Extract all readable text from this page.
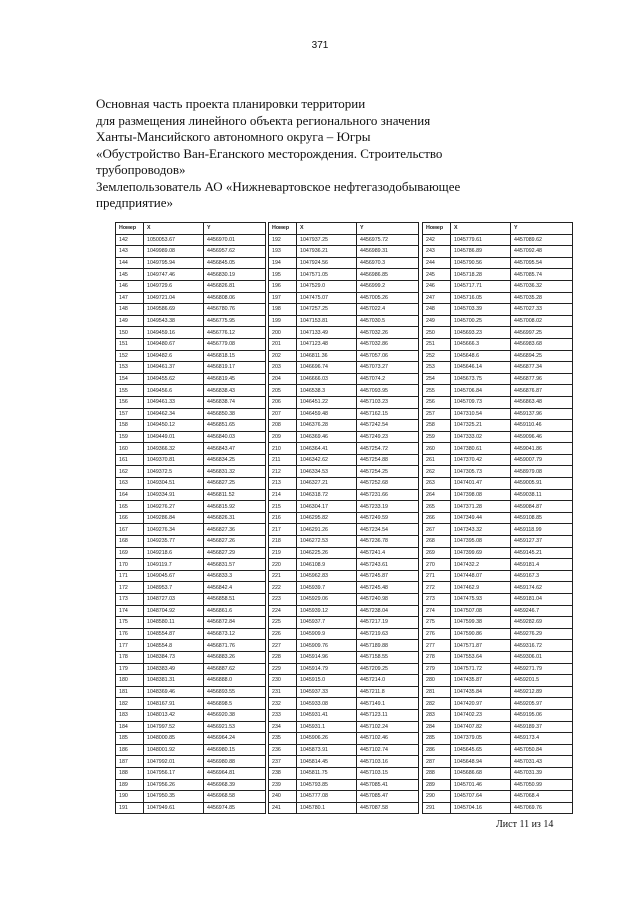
371
Основная часть проекта планировки территории
для размещения линейного объекта регионального значения
Ханты-Мансийского автономного округа – Югры
«Обустройство Ван-Еганского месторождения. Строительство
трубопроводов»
Землепользователь АО «Нижневартовское нефтегазодобывающее
предприятие»
Номер	X	Y
142	1050053.67	4456970.01
143	1049989.08	4456957.62
144	1049795.94	4456845.05
145	1049747.46	4456830.19
146	1049729.6	4456826.81
147	1049721.04	4456808.06
148	1049586.69	4456780.76
149	1049543.38	4456775.95
150	1049459.16	4456776.12
151	1049480.67	4456779.08
152	1049482.6	4456818.15
153	1049461.37	4456819.17
154	1049455.62	4456819.45
155	1049456.6	4456838.43
156	1049461.33	4456838.74
157	1049462.34	4456850.38
158	1049450.12	4456851.65
159	1049449.01	4456840.03
160	1049366.32	4456843.47
161	1049370.81	4456834.25
162	1049372.5	4456831.32
163	1049304.51	4456827.25
164	1049334.91	4456811.52
165	1049276.27	4456815.92
166	1049286.84	4456826.31
167	1049276.34	4456827.36
168	1049235.77	4456827.26
169	1049218.6	4456827.29
170	1049119.7	4456831.57
171	1049045.67	4456833.3
172	1048953.7	4456842.4
173	1048727.03	4456858.51
174	1048704.92	4456861.6
175	1048580.11	4456872.84
176	1048554.87	4456873.12
177	1048554.8	4456871.76
178	1048384.73	4456883.26
179	1048383.49	4456887.62
180	1048381.31	4456888.0
181	1048369.46	4456893.55
182	1048167.91	4456898.5
183	1048013.42	4456920.38
184	1047997.52	4456921.53
185	1048000.85	4456964.24
186	1048001.92	4456980.15
187	1047992.01	4456980.88
188	1047956.17	4456964.81
189	1047956.26	4456968.39
190	1047950.35	4456968.58
191	1047949.61	4456974.85
Номер	X	Y
192	1047937.25	4456975.72
193	1047936.21	4456989.31
194	1047924.56	4456970.3
195	1047571.05	4456986.85
196	1047529.0	4456999.2
197	1047475.07	4457005.26
198	1047257.25	4457022.4
199	1047153.81	4457030.5
200	1047133.49	4457032.26
201	1047123.48	4457032.86
202	1046811.36	4457057.06
203	1046696.74	4457073.27
204	1046666.03	4457074.2
205	1046538.3	4457093.95
206	1046451.22	4457103.23
207	1046459.48	4457162.15
208	1046376.28	4457242.54
209	1046369.46	4457249.23
210	1046364.41	4457254.72
211	1046342.62	4457254.88
212	1046334.53	4457254.25
213	1046327.21	4457252.68
214	1046318.72	4457231.66
215	1046304.17	4457233.19
216	1046295.82	4457249.59
217	1046291.26	4457234.54
218	1046272.53	4457236.78
219	1046225.26	4457241.4
220	1046108.9	4457243.61
221	1045962.83	4457245.87
222	1045939.7	4457245.48
223	1045929.06	4457240.98
224	1045939.12	4457238.04
225	1045937.7	4457217.19
226	1045909.9	4457219.63
227	1045909.76	4457189.88
228	1045914.96	4457158.55
229	1045914.79	4457209.25
230	1045915.0	4457214.0
231	1045937.33	4457211.8
232	1045933.08	4457149.1
233	1045931.41	4457123.11
234	1045931.1	4457102.24
235	1045906.26	4457102.46
236	1045873.91	4457102.74
237	1045814.45	4457103.16
238	1045811.75	4457103.15
239	1045793.85	4457085.41
240	1045777.08	4457085.47
241	1045780.1	4457087.58
Номер	X	Y
242	1045779.61	4457089.62
243	1045786.89	4457092.48
244	1045790.56	4457095.54
245	1045718.28	4457085.74
246	1045717.71	4457036.32
247	1045716.05	4457035.28
248	1045703.39	4457027.33
249	1045700.25	4457008.02
250	1045693.23	4456997.25
251	1045666.3	4456983.68
252	1045648.6	4456894.25
253	1045646.14	4456877.34
254	1045673.75	4456877.96
255	1045706.84	4456876.87
256	1045709.73	4456863.48
257	1047310.54	4459137.96
258	1047325.21	4459110.46
259	1047333.02	4459096.46
260	1047380.61	4459041.86
261	1047370.42	4459007.79
262	1047305.73	4458979.08
263	1047401.47	4459005.91
264	1047398.08	4459038.11
265	1047371.28	4459084.87
266	1047349.44	4459108.85
267	1047343.32	4459118.99
268	1047395.08	4459127.37
269	1047399.69	4459145.21
270	1047432.2	4459181.4
271	1047448.07	4459167.3
272	1047462.9	4459174.62
273	1047475.93	4459181.04
274	1047507.08	4459246.7
275	1047599.38	4459282.69
276	1047590.86	4459276.29
277	1047571.87	4459316.72
278	1047553.64	4459306.01
279	1047571.72	4459271.79
280	1047435.87	4459201.5
281	1047435.84	4459212.89
282	1047420.97	4459205.97
283	1047402.23	4459195.06
284	1047407.82	4459189.37
285	1047379.05	4459173.4
286	1045645.65	4457050.84
287	1045648.94	4457031.43
288	1045686.68	4457031.39
289	1045701.46	4457050.99
290	1045707.64	4457068.4
291	1045704.16	4457069.76
Лист 11 из 14
